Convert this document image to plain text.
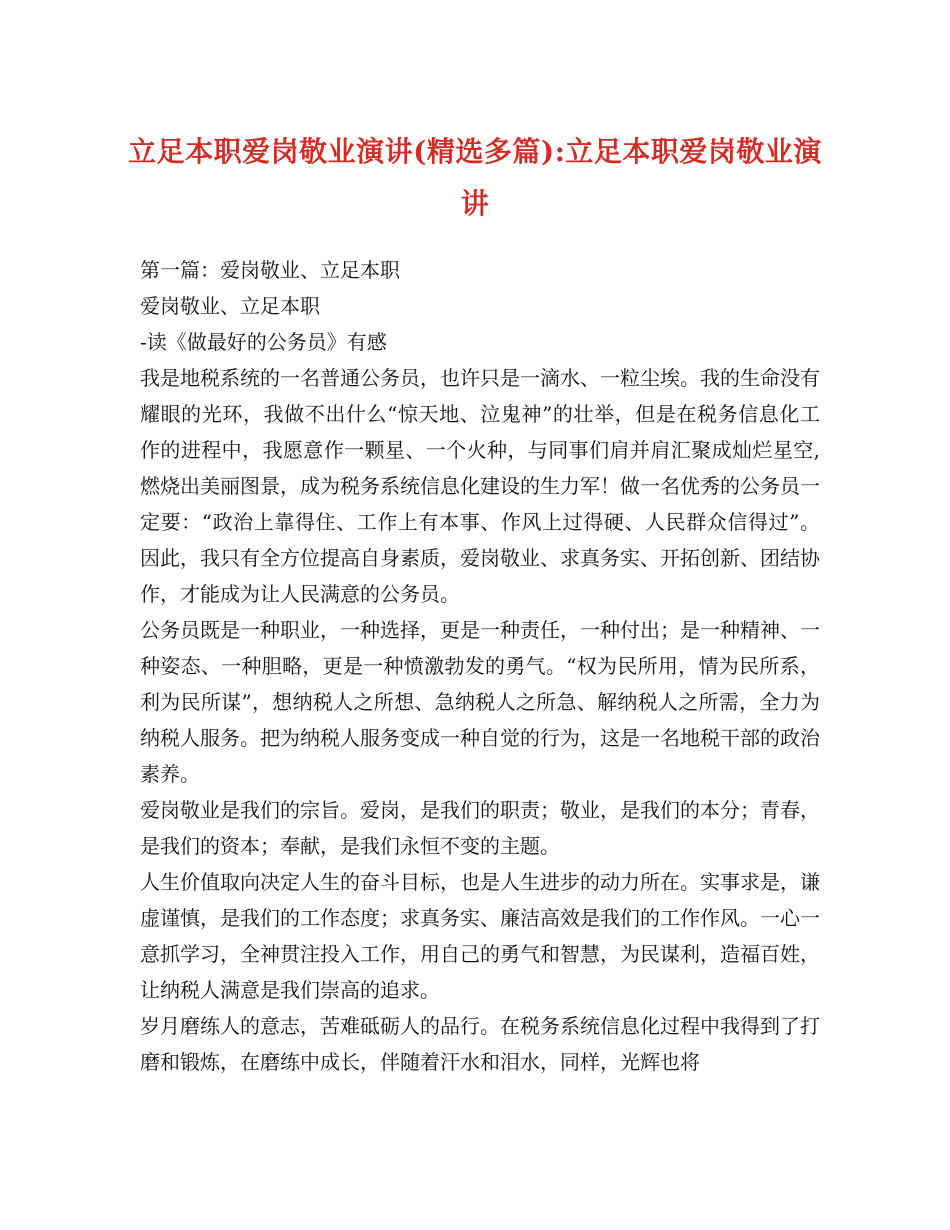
立足本职爱岗敬业演讲(精选多篇):立足本职爱岗敬业演讲
第一篇：爱岗敬业、立足本职
爱岗敬业、立足本职
-读《做最好的公务员》有感

我是地税系统的一名普通公务员，也许只是一滴水、一粒尘埃。我的生命没有耀眼的光环，我做不出什么“惊天地、泣鬼神”的壮举，但是在税务信息化工作的进程中，我愿意作一颗星、一个火种，与同事们肩并肩汇聚成灿烂星空,燃烧出美丽图景，成为税务系统信息化建设的生力军！做一名优秀的公务员一定要：“政治上靠得住、工作上有本事、作风上过得硬、人民群众信得过”。因此，我只有全方位提高自身素质，爱岗敬业、求真务实、开拓创新、团结协作，才能成为让人民满意的公务员。

公务员既是一种职业，一种选择，更是一种责任，一种付出；是一种精神、一种姿态、一种胆略，更是一种愤激勃发的勇气。“权为民所用，情为民所系，利为民所谋”，想纳税人之所想、急纳税人之所急、解纳税人之所需，全力为纳税人服务。把为纳税人服务变成一种自觉的行为，这是一名地税干部的政治素养。

爱岗敬业是我们的宗旨。爱岗，是我们的职责；敬业，是我们的本分；青春，是我们的资本；奉献，是我们永恒不变的主题。

人生价值取向决定人生的奋斗目标，也是人生进步的动力所在。实事求是，谦虚谨慎，是我们的工作态度；求真务实、廉洁高效是我们的工作作风。一心一意抓学习，全神贯注投入工作，用自己的勇气和智慧，为民谋利，造福百姓，让纳税人满意是我们崇高的追求。

岁月磨练人的意志，苦难砥砺人的品行。在税务系统信息化过程中我得到了打磨和锻炼，在磨练中成长，伴随着汗水和泪水，同样，光辉也将
